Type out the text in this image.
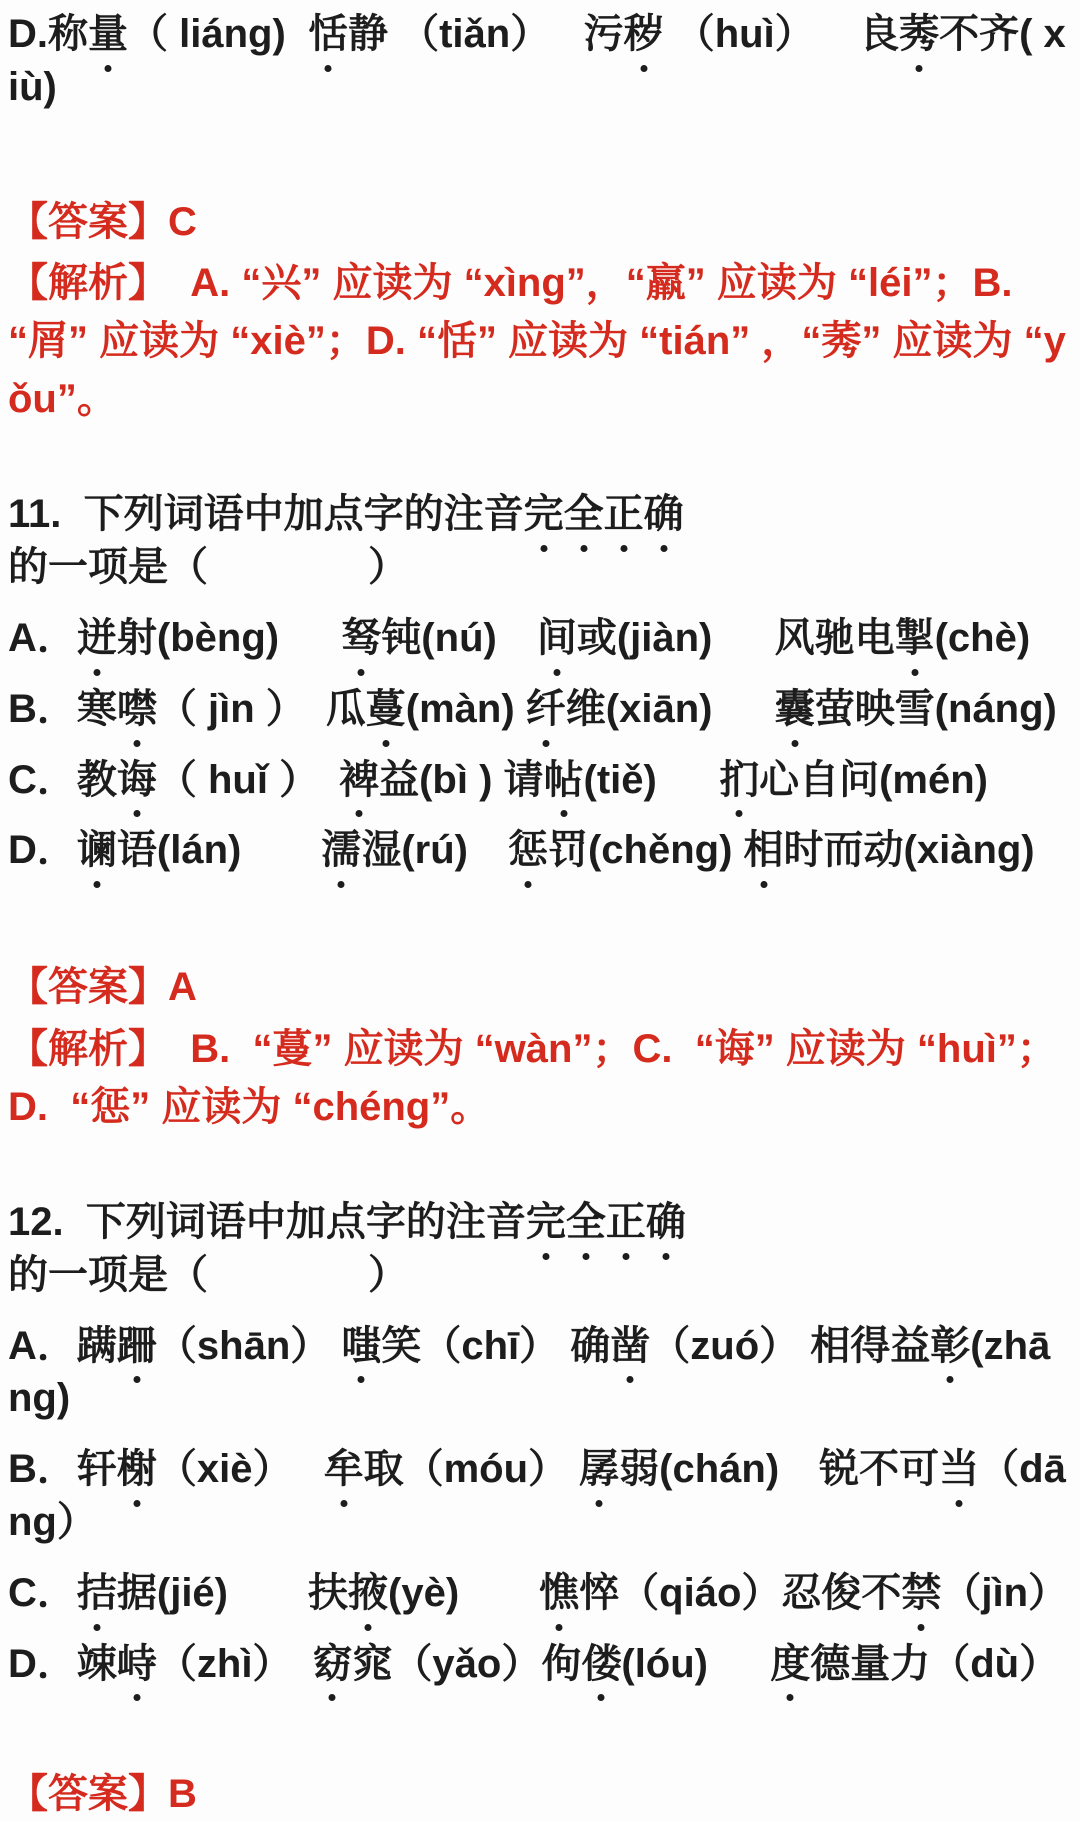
D.称量（ liáng)  恬静 （tiǎn）   污秽 （huì）    良莠不齐( xiù)
【答案】C
【解析】  A. “兴” 应读为 “xìng”，“羸” 应读为 “léi”；B. “屑” 应读为 “xiè”；D. “恬” 应读为 “tián” ，“莠” 应读为 “yǒu”。
11.  下列词语中加点字的注音完全正确的一项是（　　　　）
A．迸射(bèng)　  驽钝(nú)　间或(jiàn)　  风驰电掣(chè)
B．寒噤（ jìn ）　瓜蔓(màn) 纤维(xiān)　  囊萤映雪(náng)
C．教诲（ huǐ ）　裨益(bì ) 请帖(tiě)　  扪心自问(mén)
D．谰语(lán)　　濡湿(rú)　惩罚(chěng) 相时而动(xiàng)
【答案】A
【解析】  B.  “蔓” 应读为 “wàn”；C.  “诲” 应读为 “huì”；D.  “惩” 应读为 “chéng”。
12.  下列词语中加点字的注音完全正确的一项是（　　　　）
A．蹒跚（shān） 嗤笑（chī） 确凿（zuó） 相得益彰(zhāng)
B．轩榭（xiè）　 牟取（móu） 孱弱(chán)　锐不可当（dāng）
C．拮据(jié)　　扶掖(yè)　　憔悴（qiáo）忍俊不禁（jìn）
D．竦峙（zhì）　窈窕（yǎo）佝偻(lóu)　  度德量力（dù）
【答案】B
